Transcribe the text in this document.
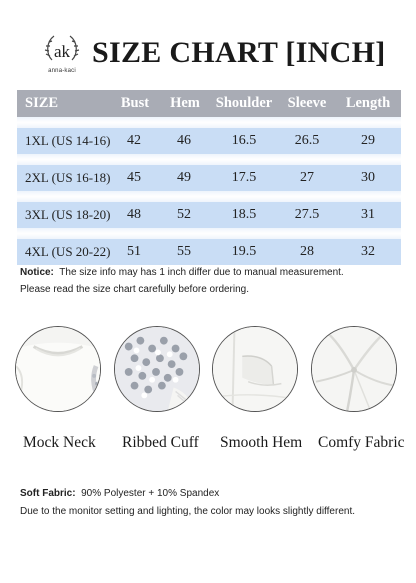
ak
anna-kaci
SIZE CHART [INCH]
SIZE	Bust	Hem	Shoulder	Sleeve	Length
1XL (US 14-16)	42	46	16.5	26.5	29
2XL (US 16-18)	45	49	17.5	27	30
3XL (US 18-20)	48	52	18.5	27.5	31
4XL (US 20-22)	51	55	19.5	28	32
Notice: The size info may has 1 inch differ due to manual measurement.
Please read the size chart carefully before ordering.
Mock Neck Ribbed Cuff Smooth Hem Comfy Fabric
Soft Fabric: 90% Polyester + 10% Spandex
Due to the monitor setting and lighting, the color may looks slightly different.
